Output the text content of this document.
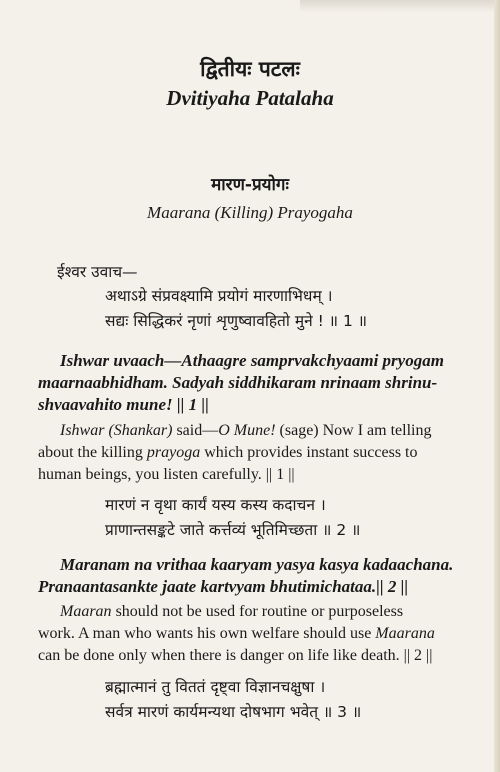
द्वितीयः पटलः
Dvitiyaha Patalaha
मारण-प्रयोगः
Maarana (Killing) Prayogaha
ईश्वर उवाच—
अथाऽग्रे संप्रवक्ष्यामि प्रयोगं मारणाभिधम् ।
सद्यः सिद्धिकरं नृणां शृणुष्वावहितो मुने ! ॥ 1 ॥
Ishwar uvaach—Athaagre samprvakchyaami pryogam
maarnaabhidham. Sadyah siddhikaram nrinaam shrinu-
shvaavahito mune! || 1 ||
Ishwar (Shankar) said—O Mune! (sage) Now I am telling
about the killing prayoga which provides instant success to
human beings, you listen carefully. || 1 ||
मारणं न वृथा कार्यं यस्य कस्य कदाचन ।
प्राणान्तसङ्कटे जाते कर्त्तव्यं भूतिमिच्छता ॥ 2 ॥
Maranam na vrithaa kaaryam yasya kasya kadaachana.
Pranaantasankte jaate kartvyam bhutimichataa.|| 2 ||
Maaran should not be used for routine or purposeless
work. A man who wants his own welfare should use Maarana
can be done only when there is danger on life like death. || 2 ||
ब्रह्मात्मानं तु विततं दृष्ट्वा विज्ञानचक्षुषा ।
सर्वत्र मारणं कार्यमन्यथा दोषभाग भवेत् ॥ 3 ॥
